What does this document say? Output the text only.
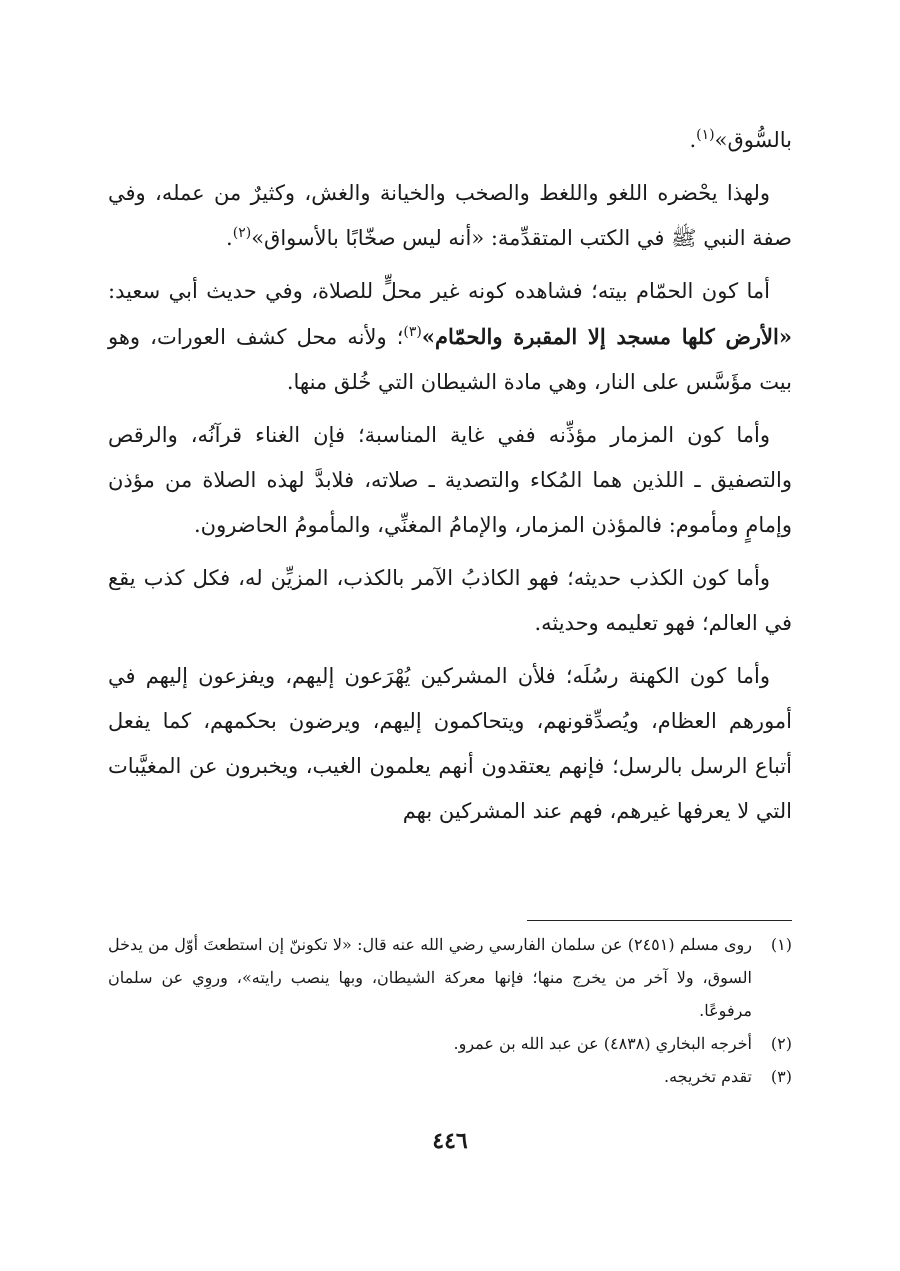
بالسُّوق»$^{(١)}$.

ولهذا يحْضره اللغو واللغط والصخب والخيانة والغش، وكثيرٌ من عمله، وفي صفة النبي ﷺ في الكتب المتقدِّمة: «أنه ليس صخّابًا بالأسواق»$^{(٢)}$.

أما كون الحمّام بيته؛ فشاهده كونه غير محلٍّ للصلاة، وفي حديث أبي سعيد: «الأرض كلها مسجد إلا المقبرة والحمّام»$^{(٣)}$؛ ولأنه محل كشف العورات، وهو بيت مؤَسَّس على النار، وهي مادة الشيطان التي خُلق منها.

وأما كون المزمار مؤذِّنه ففي غاية المناسبة؛ فإن الغناء قرآنُه، والرقص والتصفيق ـ اللذين هما المُكاء والتصدية ـ صلاته، فلابدَّ لهذه الصلاة من مؤذن وإمامٍ ومأموم: فالمؤذن المزمار، والإمامُ المغنِّي، والمأمومُ الحاضرون.

وأما كون الكذب حديثه؛ فهو الكاذبُ الآمر بالكذب، المزيِّن له، فكل كذب يقع في العالم؛ فهو تعليمه وحديثه.

وأما كون الكهنة رسُلَه؛ فلأن المشركين يُهْرَعون إليهم، ويفزعون إليهم في أمورهم العظام، ويُصدِّقونهم، ويتحاكمون إليهم، ويرضون بحكمهم، كما يفعل أتباع الرسل بالرسل؛ فإنهم يعتقدون أنهم يعلمون الغيب، ويخبرون عن المغيَّبات التي لا يعرفها غيرهم، فهم عند المشركين بهم

(١)
روى مسلم (٢٤٥١) عن سلمان الفارسي رضي الله عنه قال: «لا تكوننّ إن استطعتَ أوّل من يدخل السوق، ولا آخر من يخرج منها؛ فإنها معركة الشيطان، وبها ينصب رايته»، وروِي عن سلمان مرفوعًا.
(٢)
أخرجه البخاري (٤٨٣٨) عن عبد الله بن عمرو.
(٣)
تقدم تخريجه.
٤٤٦
